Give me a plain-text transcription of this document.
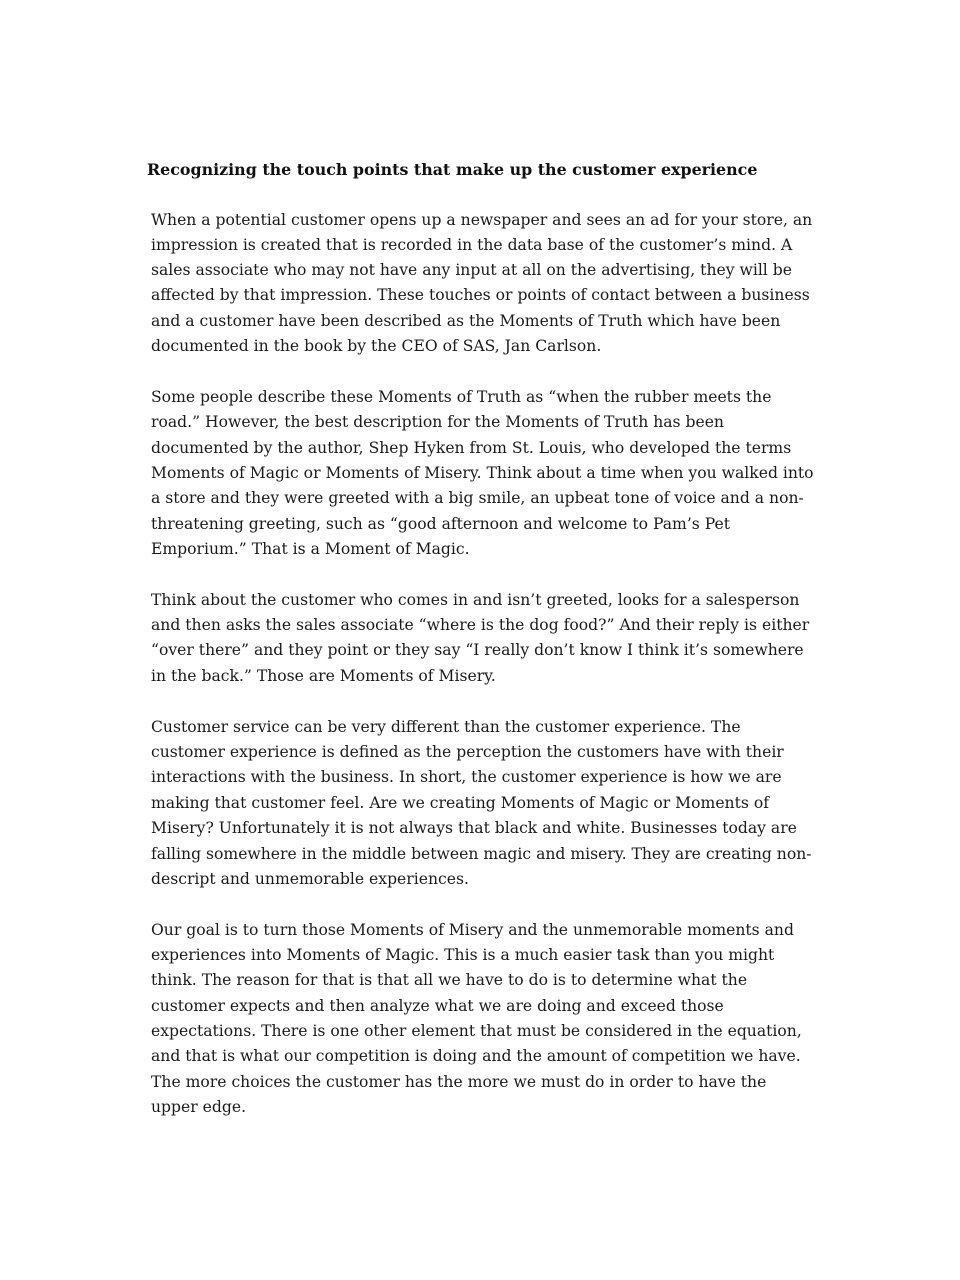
Recognizing the touch points that make up the customer experience

When a potential customer opens up a newspaper and sees an ad for your store, an

impression is created that is recorded in the data base of the customer’s mind. A

sales associate who may not have any input at all on the advertising, they will be

affected by that impression. These touches or points of contact between a business

and a customer have been described as the Moments of Truth which have been

documented in the book by the CEO of SAS, Jan Carlson.

Some people describe these Moments of Truth as “when the rubber meets the

road.” However, the best description for the Moments of Truth has been

documented by the author, Shep Hyken from St. Louis, who developed the terms

Moments of Magic or Moments of Misery. Think about a time when you walked into

a store and they were greeted with a big smile, an upbeat tone of voice and a non-

threatening greeting, such as “good afternoon and welcome to Pam’s Pet

Emporium.” That is a Moment of Magic.

Think about the customer who comes in and isn’t greeted, looks for a salesperson

and then asks the sales associate “where is the dog food?” And their reply is either

“over there” and they point or they say “I really don’t know I think it’s somewhere

in the back.” Those are Moments of Misery.

Customer service can be very different than the customer experience. The

customer experience is defined as the perception the customers have with their

interactions with the business. In short, the customer experience is how we are

making that customer feel. Are we creating Moments of Magic or Moments of

Misery? Unfortunately it is not always that black and white. Businesses today are

falling somewhere in the middle between magic and misery. They are creating non-

descript and unmemorable experiences.

Our goal is to turn those Moments of Misery and the unmemorable moments and

experiences into Moments of Magic. This is a much easier task than you might

think. The reason for that is that all we have to do is to determine what the

customer expects and then analyze what we are doing and exceed those

expectations. There is one other element that must be considered in the equation,

and that is what our competition is doing and the amount of competition we have.

The more choices the customer has the more we must do in order to have the

upper edge.
